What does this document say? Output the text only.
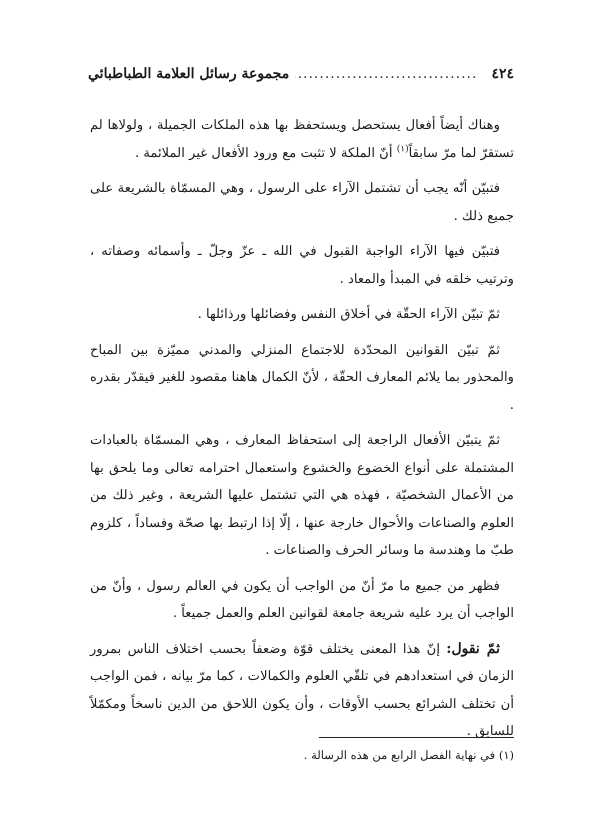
٤٢٤
.....
مجموعة رسائل العلامة الطباطبائي

وهناك أيضاً أفعال يستحصل ويستحفظ بها هذه الملكات الجميلة ، ولولاها لم تستقرّ لما مرّ سابقاً$^{(١)}$ أنّ الملكة لا تثبت مع ورود الأفعال غير الملائمة .

فتبيّن أنّه يجب أن تشتمل الآراء على الرسول ، وهي المسمّاة بالشريعة على جميع ذلك .

فتبيّن فيها الآراء الواجبة القبول في الله ـ عزّ وجلّ ـ وأسمائه وصفاته ، وترتيب خلقه في المبدأ والمعاد .

ثمّ تبيّن الآراء الحقّة في أخلاق النفس وفضائلها ورذائلها .

ثمّ تبيّن القوانين المحدّدة للاجتماع المنزلي والمدني مميّزة بين المباح والمحذور بما يلائم المعارف الحقّة ، لأنّ الكمال هاهنا مقصود للغير فيقدّر بقدره .

ثمّ يتبيّن الأفعال الراجعة إلى استحفاظ المعارف ، وهي المسمّاة بالعبادات المشتملة على أنواع الخضوع والخشوع واستعمال احترامه تعالى وما يلحق بها من الأعمال الشخصيّة ، فهذه هي التي تشتمل عليها الشريعة ، وغير ذلك من العلوم والصناعات والأحوال خارجة عنها ، إلّا إذا ارتبط بها صحّة وفساداً ، كلزوم طبّ ما وهندسة ما وسائر الحرف والصناعات .

فظهر من جميع ما مرّ أنّ من الواجب أن يكون في العالم رسول ، وأنّ من الواجب أن يرد عليه شريعة جامعة لقوانين العلم والعمل جميعاً .

ثمّ نقول: إنّ هذا المعنى يختلف قوّة وضعفاً بحسب اختلاف الناس بمرور الزمان في استعدادهم في تلقّي العلوم والكمالات ، كما مرّ بيانه ، فمن الواجب أن تختلف الشرائع بحسب الأوقات ، وأن يكون اللاحق من الدين ناسخاً ومكمّلاً للسابق .

(١) في نهاية الفصل الرابع من هذه الرسالة .
